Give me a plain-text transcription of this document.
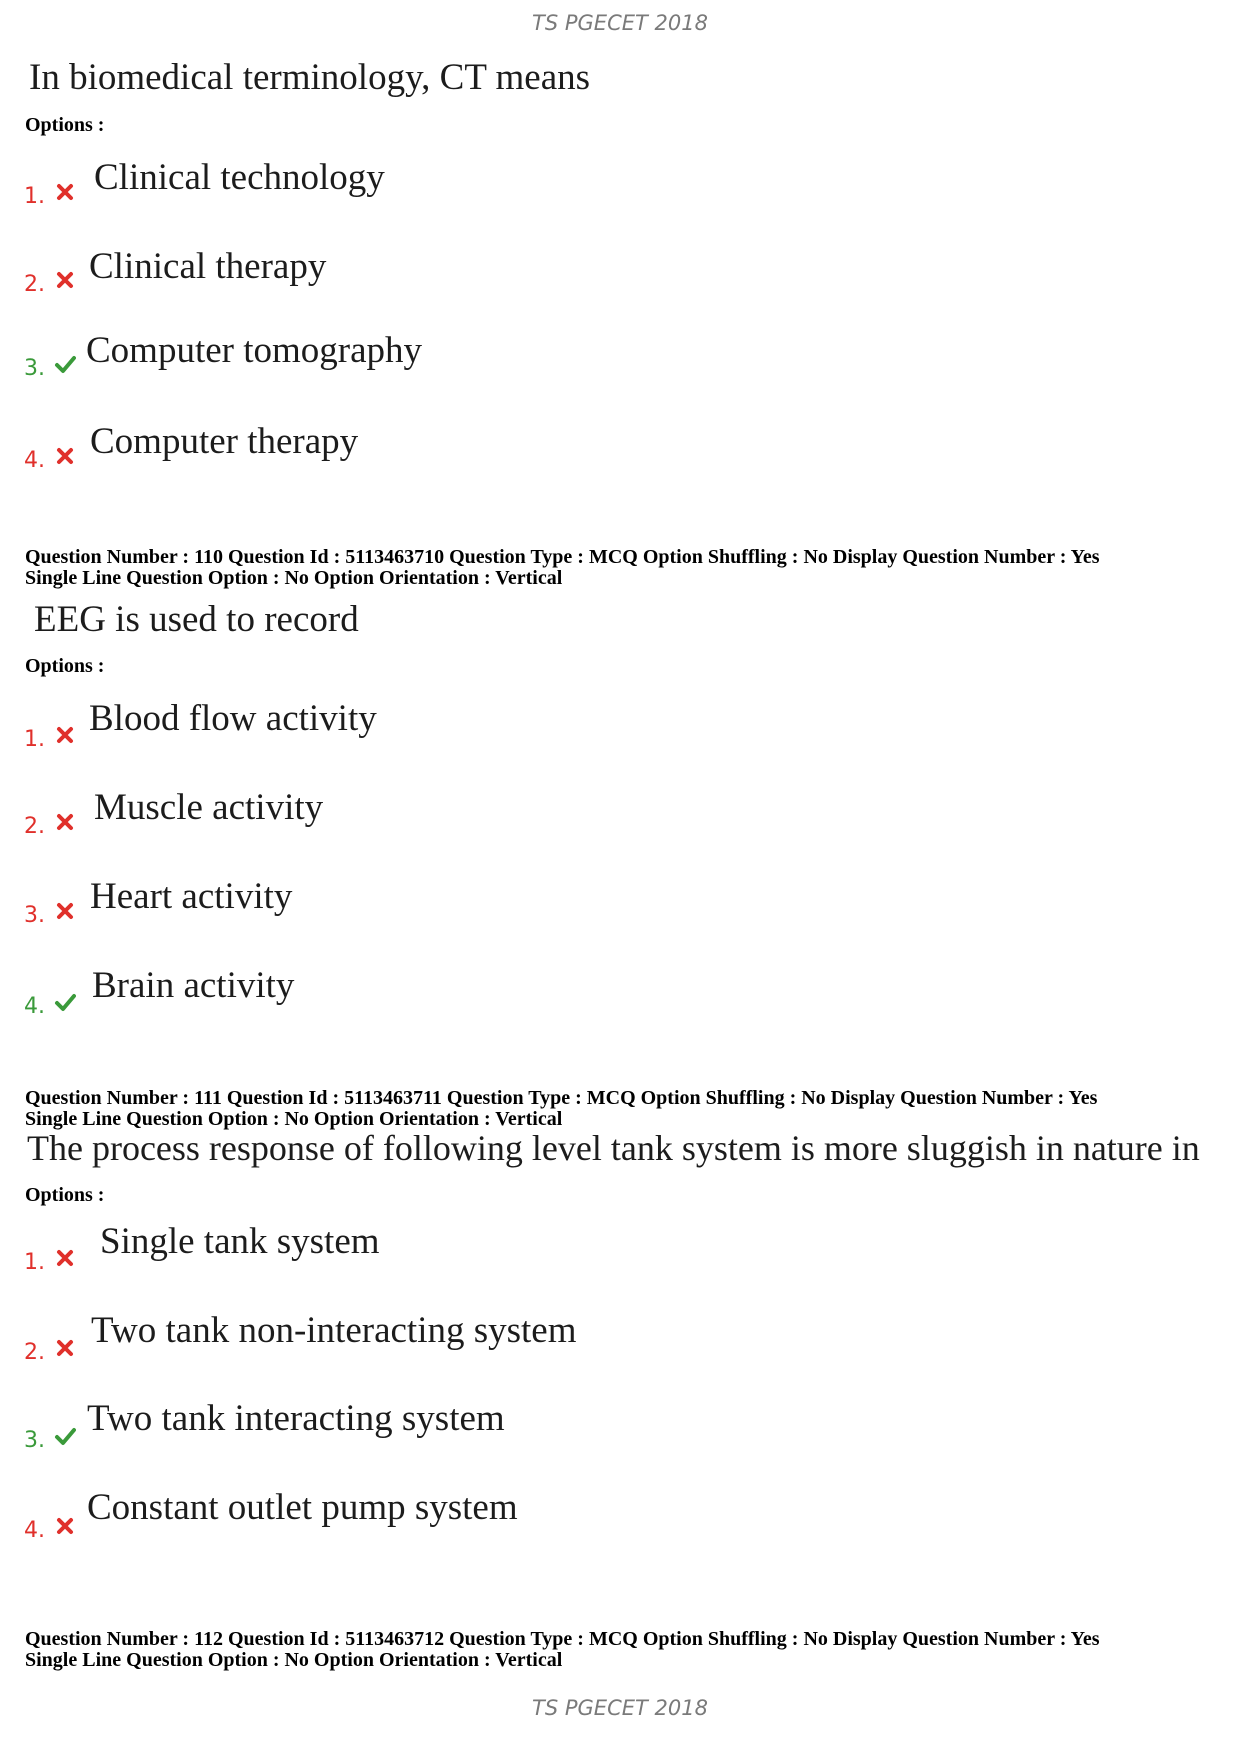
TS PGECET 2018
In biomedical terminology, CT means
Options :
1. Clinical technology
2. Clinical therapy
3. Computer tomography
4. Computer therapy
Question Number : 110 Question Id : 5113463710 Question Type : MCQ Option Shuffling : No Display Question Number : Yes
Single Line Question Option : No Option Orientation : Vertical
EEG is used to record
Options :
1.
Blood flow activity
2. Muscle activity
3. Heart activity
4.
Brain activity
Question Number : 111 Question Id : 5113463711 Question Type : MCQ Option Shuffling : No Display Question Number : Yes
Single Line Question Option : No Option Orientation : Vertical
The process response of following level tank system is more sluggish in nature in
Options :
1.
Single tank system
2.
Two tank non-interacting system
3.
Two tank interacting system
4.
Constant outlet pump system
Question Number : 112 Question Id : 5113463712 Question Type : MCQ Option Shuffling : No Display Question Number : Yes
Single Line Question Option : No Option Orientation : Vertical
TS PGECET 2018
